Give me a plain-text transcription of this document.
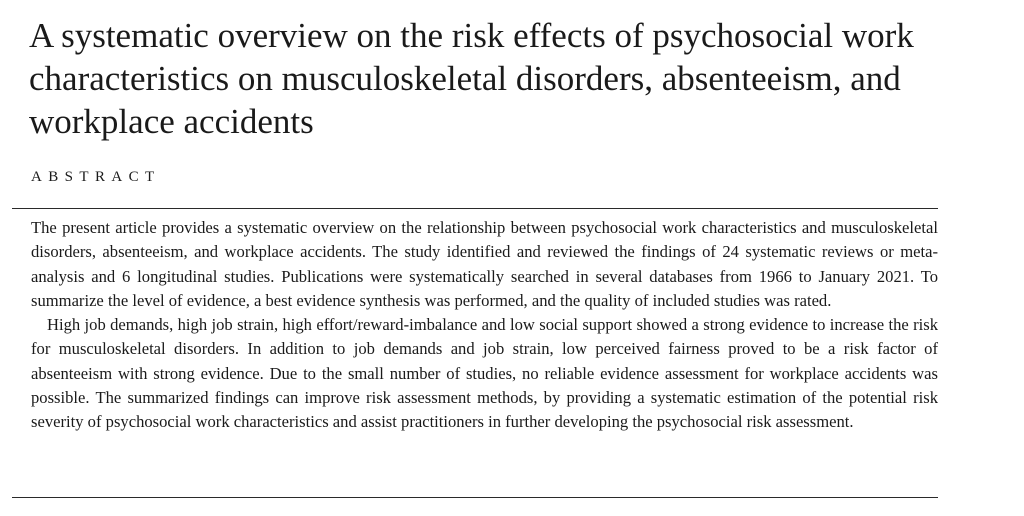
A systematic overview on the risk effects of psychosocial work characteristics on musculoskeletal disorders, absenteeism, and workplace accidents
ABSTRACT

The present article provides a systematic overview on the relationship between psychosocial work characteristics and musculoskeletal disorders, absenteeism, and workplace accidents. The study identified and reviewed the findings of 24 systematic reviews or meta-analysis and 6 longitudinal studies. Publications were systematically searched in several databases from 1966 to January 2021. To summarize the level of evidence, a best evidence synthesis was performed, and the quality of included studies was rated.

High job demands, high job strain, high effort/reward-imbalance and low social support showed a strong evidence to increase the risk for musculoskeletal disorders. In addition to job demands and job strain, low perceived fairness proved to be a risk factor of absenteeism with strong evidence. Due to the small number of studies, no reliable evidence assessment for workplace accidents was possible. The summarized findings can improve risk assessment methods, by providing a systematic estimation of the potential risk severity of psychosocial work characteristics and assist practitioners in further developing the psychosocial risk assessment.
